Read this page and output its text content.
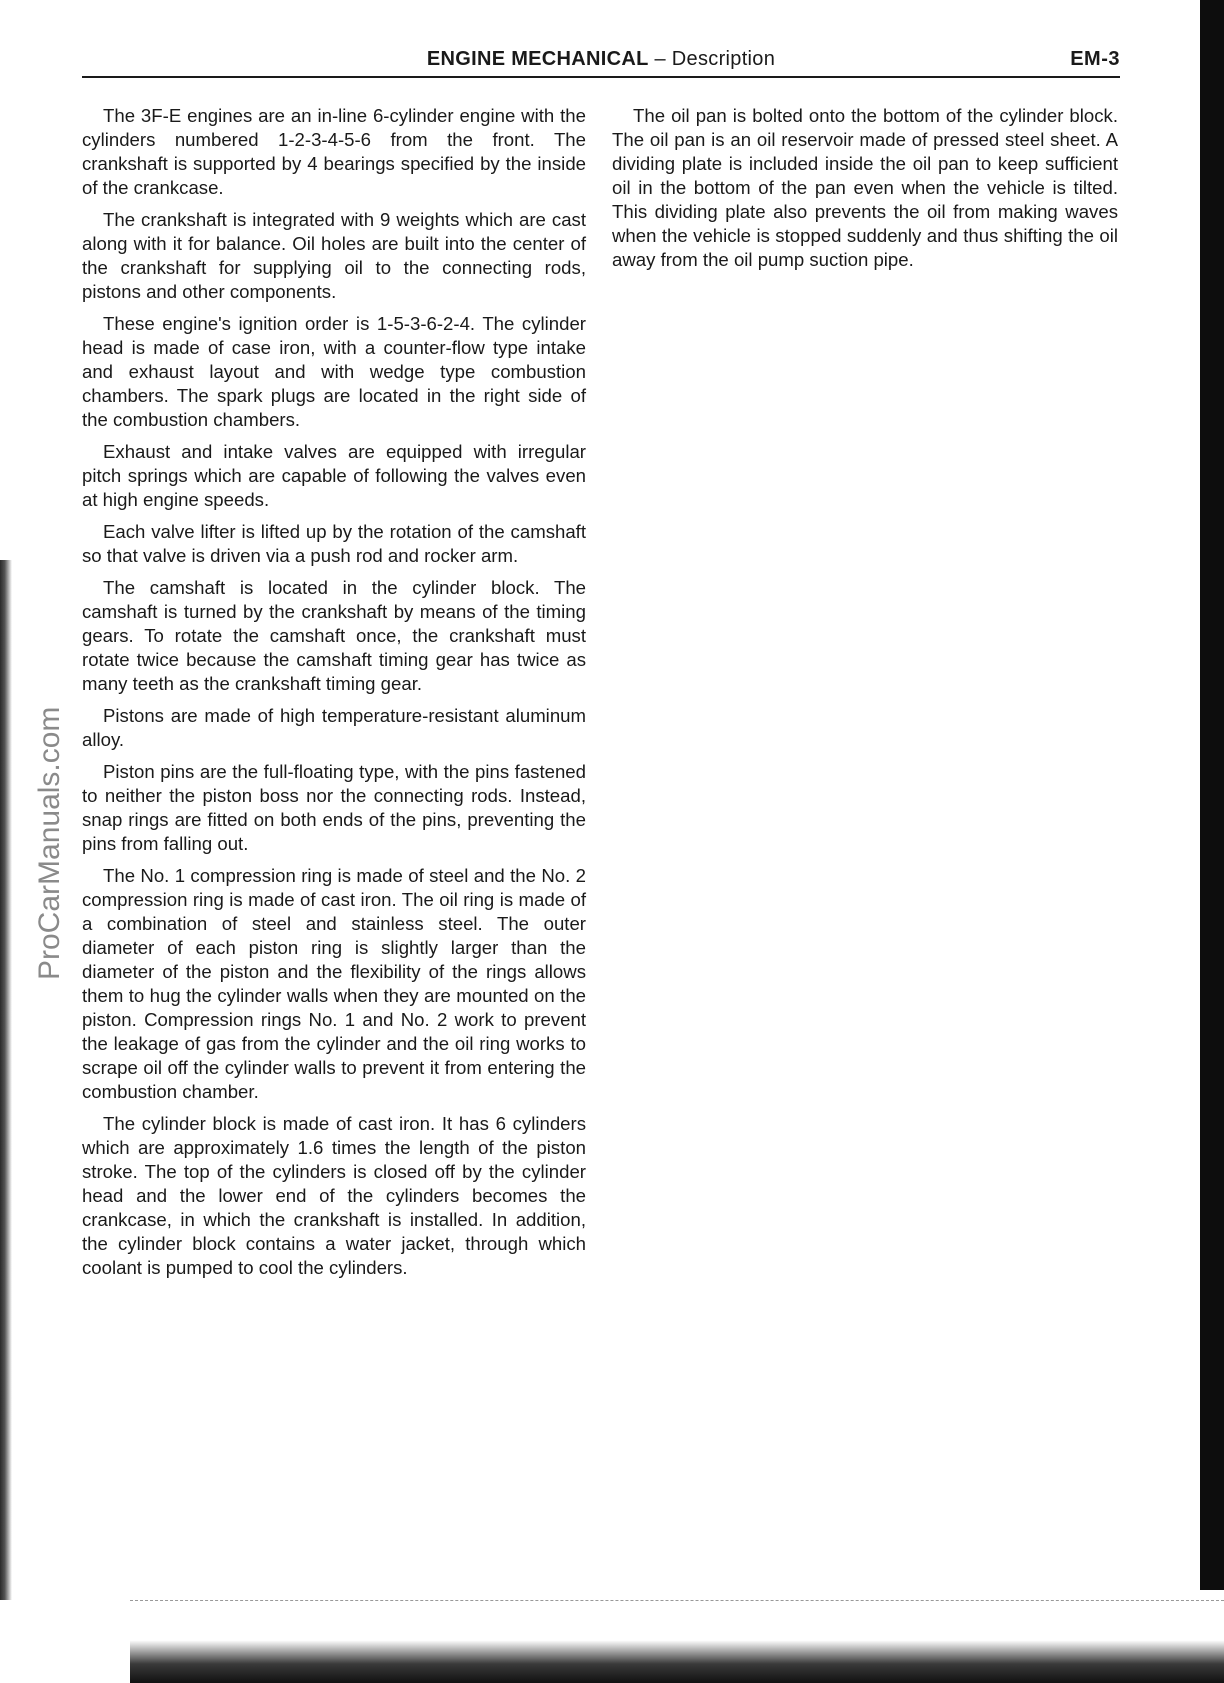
ProCarManuals.com
ENGINE MECHANICAL – Description	EM-3

The 3F-E engines are an in-line 6-cylinder engine with the cylinders numbered 1-2-3-4-5-6 from the front. The crankshaft is supported by 4 bearings specified by the inside of the crankcase.

The crankshaft is integrated with 9 weights which are cast along with it for balance. Oil holes are built into the center of the crankshaft for supplying oil to the connecting rods, pistons and other components.

These engine's ignition order is 1-5-3-6-2-4. The cylinder head is made of case iron, with a counter-flow type intake and exhaust layout and with wedge type combustion chambers. The spark plugs are located in the right side of the combustion chambers.

Exhaust and intake valves are equipped with irregular pitch springs which are capable of following the valves even at high engine speeds.

Each valve lifter is lifted up by the rotation of the camshaft so that valve is driven via a push rod and rocker arm.

The camshaft is located in the cylinder block. The camshaft is turned by the crankshaft by means of the timing gears. To rotate the camshaft once, the crankshaft must rotate twice because the camshaft timing gear has twice as many teeth as the crankshaft timing gear.

Pistons are made of high temperature-resistant aluminum alloy.

Piston pins are the full-floating type, with the pins fastened to neither the piston boss nor the connecting rods. Instead, snap rings are fitted on both ends of the pins, preventing the pins from falling out.

The No. 1 compression ring is made of steel and the No. 2 compression ring is made of cast iron. The oil ring is made of a combination of steel and stainless steel. The outer diameter of each piston ring is slightly larger than the diameter of the piston and the flexibility of the rings allows them to hug the cylinder walls when they are mounted on the piston. Compression rings No. 1 and No. 2 work to prevent the leakage of gas from the cylinder and the oil ring works to scrape oil off the cylinder walls to prevent it from entering the combustion chamber.

The cylinder block is made of cast iron. It has 6 cylinders which are approximately 1.6 times the length of the piston stroke. The top of the cylinders is closed off by the cylinder head and the lower end of the cylinders becomes the crankcase, in which the crankshaft is installed. In addition, the cylinder block contains a water jacket, through which coolant is pumped to cool the cylinders.

The oil pan is bolted onto the bottom of the cylinder block. The oil pan is an oil reservoir made of pressed steel sheet. A dividing plate is included inside the oil pan to keep sufficient oil in the bottom of the pan even when the vehicle is tilted. This dividing plate also prevents the oil from making waves when the vehicle is stopped suddenly and thus shifting the oil away from the oil pump suction pipe.
